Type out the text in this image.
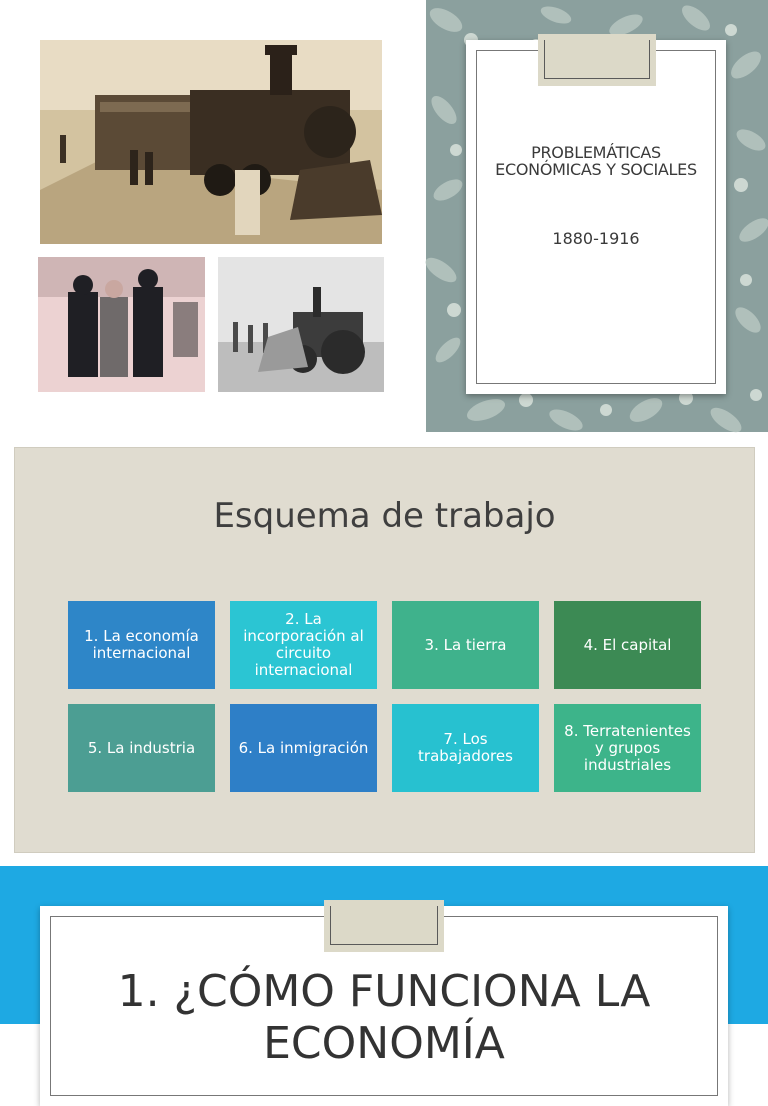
PROBLEMÁTICAS ECONÓMICAS Y SOCIALES
1880-1916
Esquema de trabajo
1. La economía internacional
2. La incorporación al circuito internacional
3. La tierra	4. El capital
5. La industria	6. La inmigración	7. Los trabajadores
8. Terratenientes y grupos industriales
1. ¿CÓMO FUNCIONA LA ECONOMÍA
